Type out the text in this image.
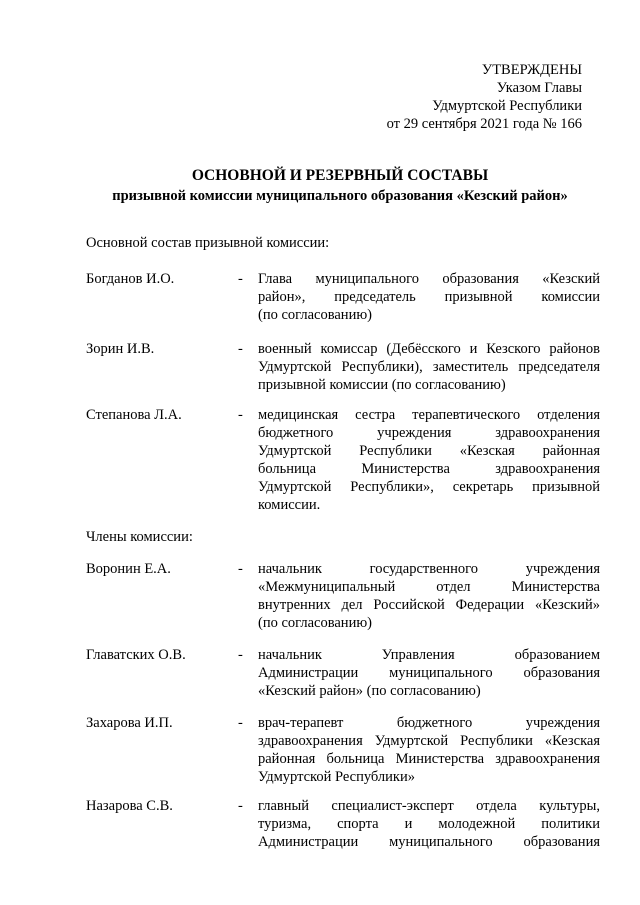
УТВЕРЖДЕНЫ
Указом Главы
Удмуртской Республики
от 29 сентября 2021 года № 166
ОСНОВНОЙ И РЕЗЕРВНЫЙ СОСТАВЫ
призывной комиссии муниципального образования «Кезский район»
Основной состав призывной комиссии:
Богданов И.О.	- Глава муниципального образования «Кезский
район», председатель призывной комиссии
(по согласованию)
Зорин И.В.	- военный комиссар (Дебёсского и Кезского районов
Удмуртской Республики), заместитель председателя
призывной комиссии (по согласованию)
Степанова Л.А.	- медицинская сестра терапевтического отделения
бюджетного учреждения здравоохранения
Удмуртской Республики «Кезская районная
больница Министерства здравоохранения
Удмуртской Республики», секретарь призывной
комиссии.
Члены комиссии:
Воронин Е.А.	- начальник государственного учреждения
«Межмуниципальный отдел Министерства
внутренних дел Российской Федерации «Кезский»
(по согласованию)
Главатских О.В.	- начальник Управления образованием
Администрации муниципального образования
«Кезский район» (по согласованию)
Захарова И.П.	- врач-терапевт бюджетного учреждения
здравоохранения Удмуртской Республики «Кезская
районная больница Министерства здравоохранения
Удмуртской Республики»
Назарова С.В.	- главный специалист-эксперт отдела культуры,
туризма, спорта и молодежной политики
Администрации муниципального образования
